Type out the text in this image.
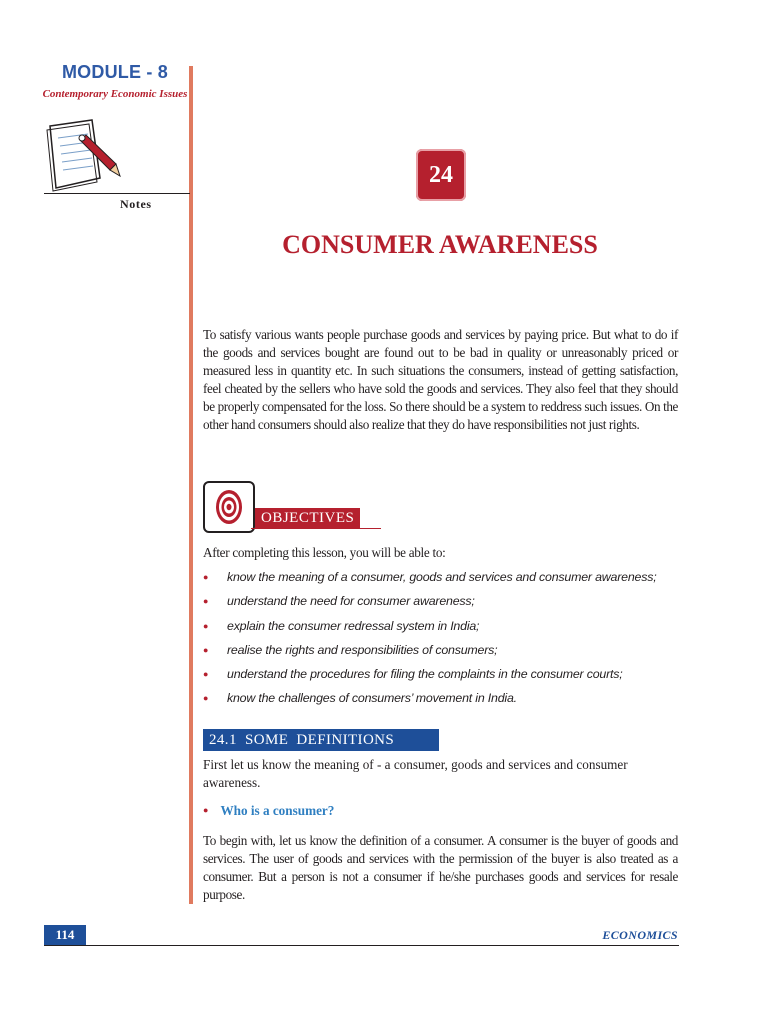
MODULE - 8
Contemporary Economic Issues
Notes
24
CONSUMER AWARENESS
To satisfy various wants people purchase goods and services by paying price. But what to do if the goods and services bought are found out to be bad in quality or unreasonably priced or measured less in quantity etc. In such situations the consumers, instead of getting satisfaction, feel cheated by the sellers who have sold the goods and services. They also feel that they should be properly compensated for the loss. So there should be a system to reddress such issues. On the other hand consumers should also realize that they do have responsibilities not just rights.
OBJECTIVES
After completing this lesson, you will be able to:
● know the meaning of a consumer, goods and services and consumer awareness;
● understand the need for consumer awareness;
● explain the consumer redressal system in India;
● realise the rights and responsibilities of consumers;
● understand the procedures for filing the complaints in the consumer courts;
● know the challenges of consumers’ movement in India.
24.1 SOME DEFINITIONS
First let us know the meaning of - a consumer, goods and services and consumer awareness.
● Who is a consumer?
To begin with, let us know the definition of a consumer. A consumer is the buyer of goods and services. The user of goods and services with the permission of the buyer is also treated as a consumer. But a person is not a consumer if he/she purchases goods and services for resale purpose.
114	ECONOMICS
